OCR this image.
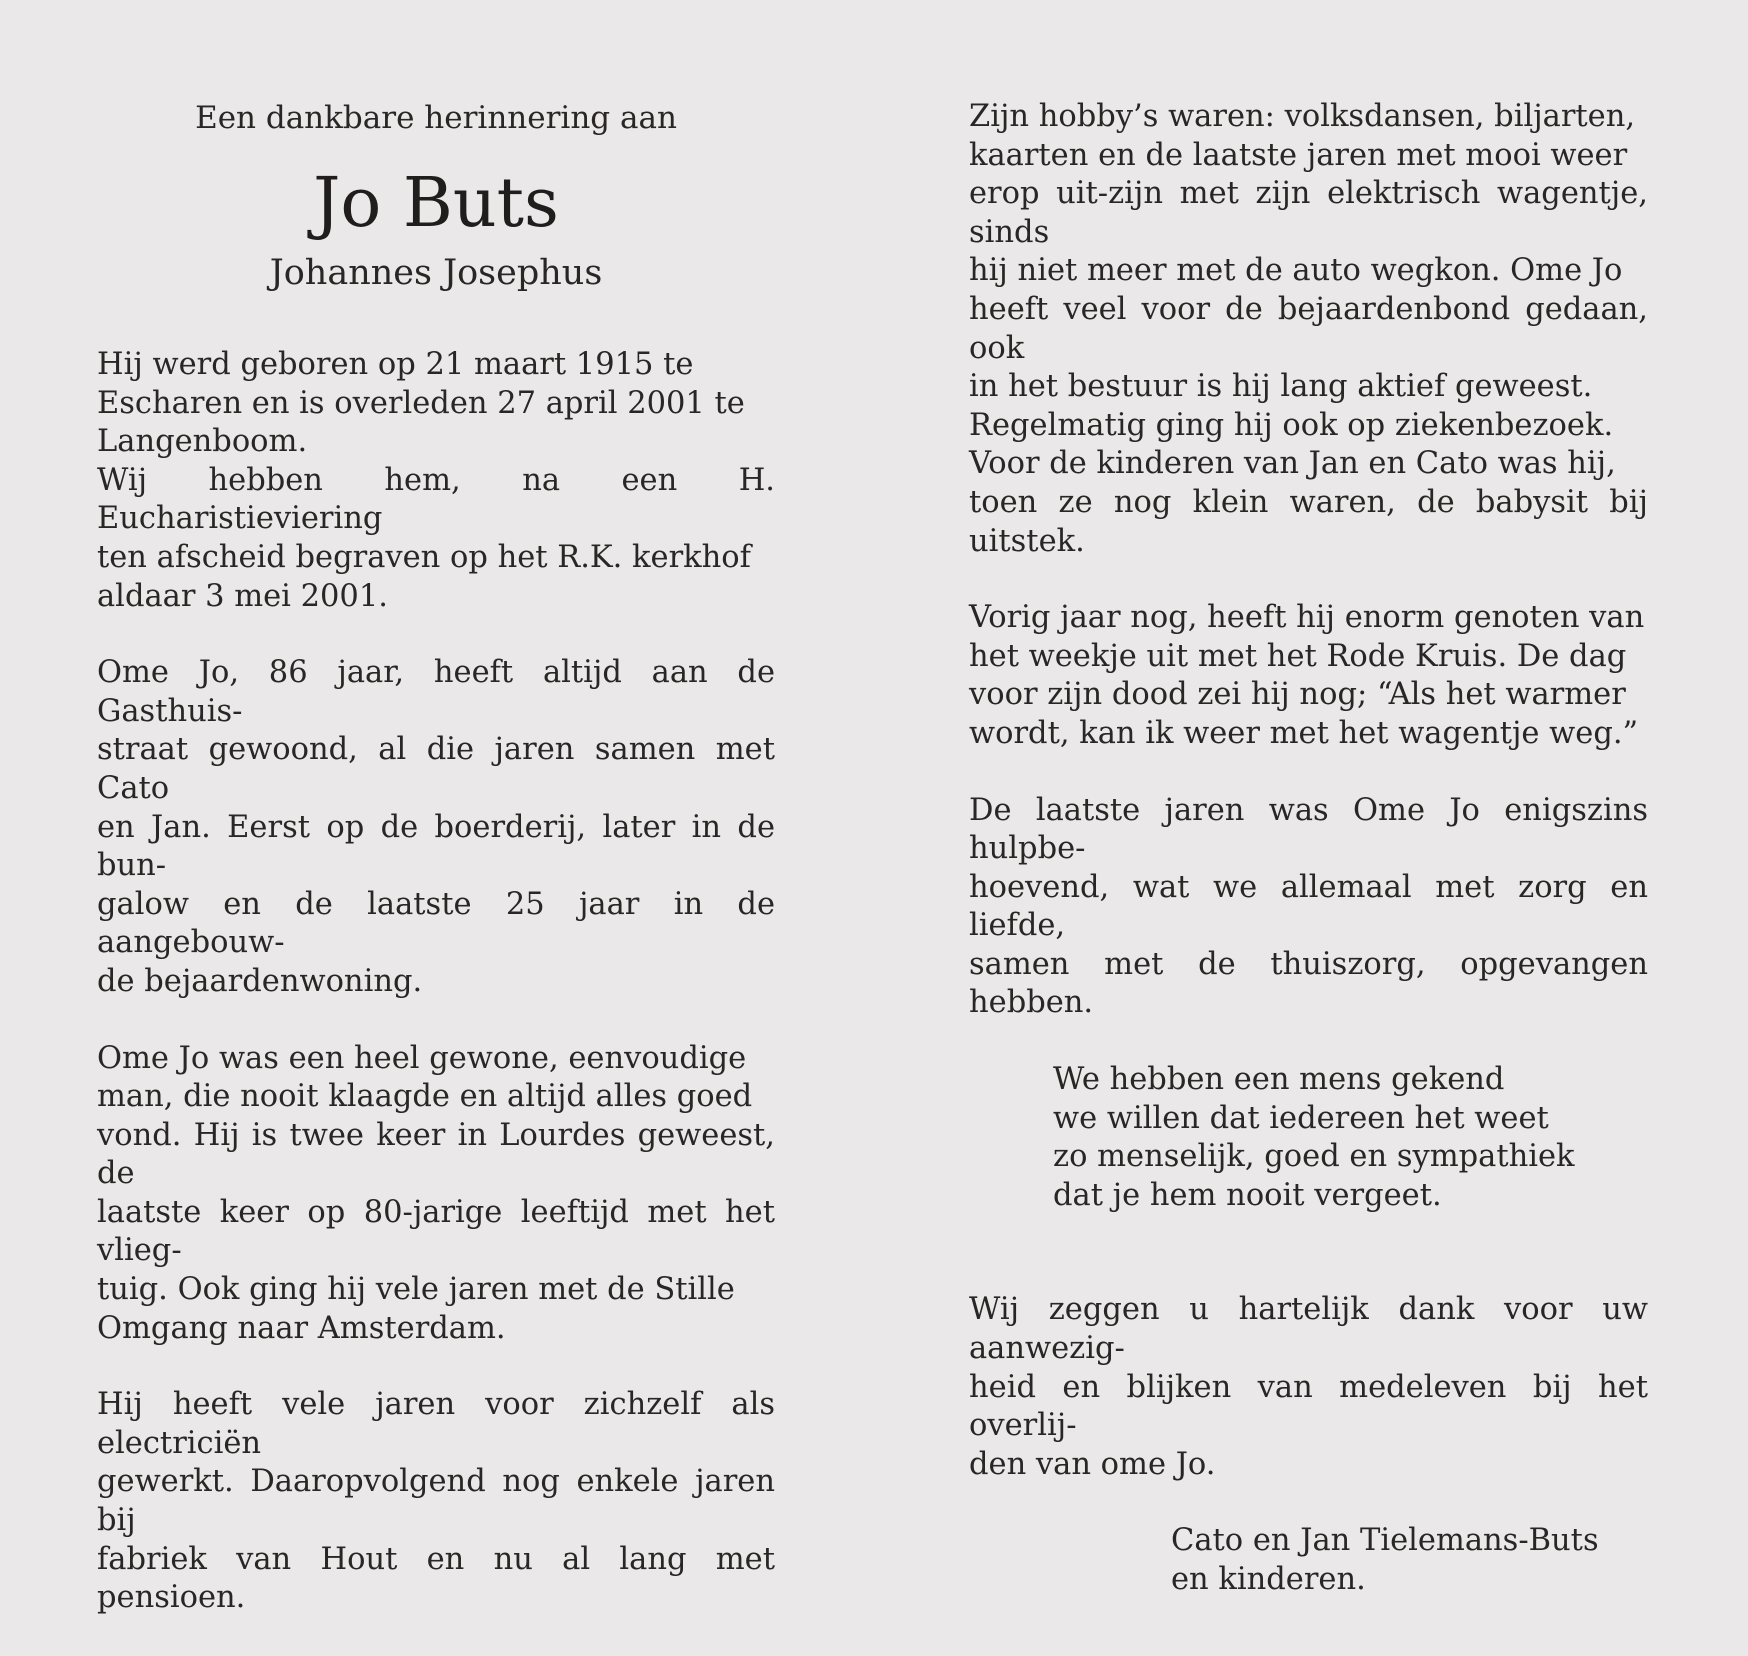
Een dankbare herinnering aan
Jo Buts
Johannes Josephus

Hij werd geboren op 21 maart 1915 te
Escharen en is overleden 27 april 2001 te
Langenboom.
Wij hebben hem, na een H. Eucharistieviering
ten afscheid begraven op het R.K. kerkhof
aldaar 3 mei 2001.

Ome Jo, 86 jaar, heeft altijd aan de Gasthuis-
straat gewoond, al die jaren samen met Cato
en Jan. Eerst op de boerderij, later in de bun-
galow en de laatste 25 jaar in de aangebouw-
de bejaardenwoning.

Ome Jo was een heel gewone, eenvoudige
man, die nooit klaagde en altijd alles goed
vond. Hij is twee keer in Lourdes geweest, de
laatste keer op 80-jarige leeftijd met het vlieg-
tuig. Ook ging hij vele jaren met de Stille
Omgang naar Amsterdam.

Hij heeft vele jaren voor zichzelf als electriciën
gewerkt. Daaropvolgend nog enkele jaren bij
fabriek van Hout en nu al lang met pensioen.

Zijn hobby’s waren: volksdansen, biljarten,
kaarten en de laatste jaren met mooi weer
erop uit-zijn met zijn elektrisch wagentje, sinds
hij niet meer met de auto wegkon. Ome Jo
heeft veel voor de bejaardenbond gedaan, ook
in het bestuur is hij lang aktief geweest.
Regelmatig ging hij ook op ziekenbezoek.
Voor de kinderen van Jan en Cato was hij,
toen ze nog klein waren, de babysit bij uitstek.

Vorig jaar nog, heeft hij enorm genoten van
het weekje uit met het Rode Kruis. De dag
voor zijn dood zei hij nog; “Als het warmer
wordt, kan ik weer met het wagentje weg.”

De laatste jaren was Ome Jo enigszins hulpbe-
hoevend, wat we allemaal met zorg en liefde,
samen met de thuiszorg, opgevangen hebben.

We hebben een mens gekend
we willen dat iedereen het weet
zo menselijk, goed en sympathiek
dat je hem nooit vergeet.

Wij zeggen u hartelijk dank voor uw aanwezig-
heid en blijken van medeleven bij het overlij-
den van ome Jo.

Cato en Jan Tielemans-Buts
en kinderen.
